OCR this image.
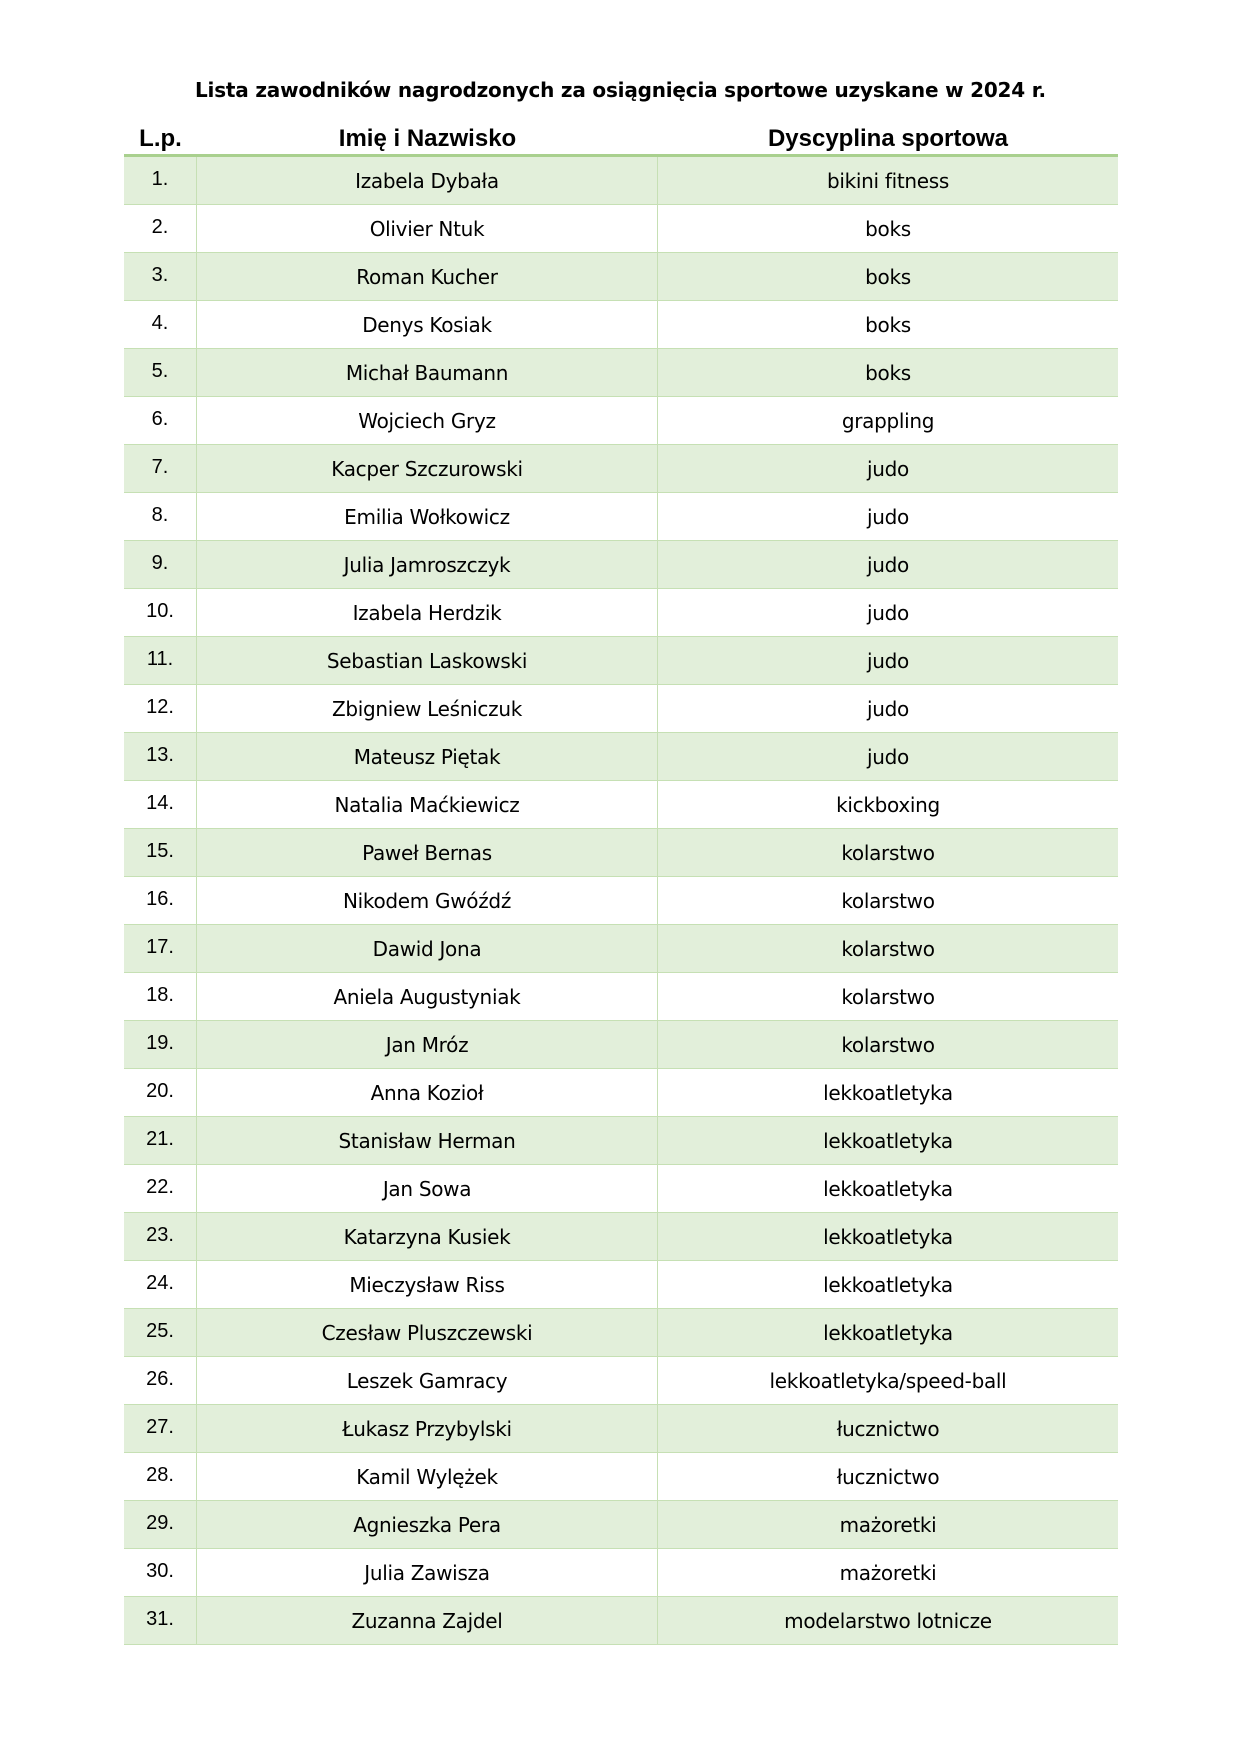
Lista zawodników nagrodzonych za osiągnięcia sportowe uzyskane w 2024 r.
L.p.	Imię i Nazwisko	Dyscyplina sportowa
1.	Izabela Dybała	bikini fitness
2.	Olivier Ntuk	boks
3.	Roman Kucher	boks
4.	Denys Kosiak	boks
5.	Michał Baumann	boks
6.	Wojciech Gryz	grappling
7.	Kacper Szczurowski	judo
8.	Emilia Wołkowicz	judo
9.	Julia Jamroszczyk	judo
10.	Izabela Herdzik	judo
11.	Sebastian Laskowski	judo
12.	Zbigniew Leśniczuk	judo
13.	Mateusz Piętak	judo
14.	Natalia Maćkiewicz	kickboxing
15.	Paweł Bernas	kolarstwo
16.	Nikodem Gwóźdź	kolarstwo
17.	Dawid Jona	kolarstwo
18.	Aniela Augustyniak	kolarstwo
19.	Jan Mróz	kolarstwo
20.	Anna Kozioł	lekkoatletyka
21.	Stanisław Herman	lekkoatletyka
22.	Jan Sowa	lekkoatletyka
23.	Katarzyna Kusiek	lekkoatletyka
24.	Mieczysław Riss	lekkoatletyka
25.	Czesław Pluszczewski	lekkoatletyka
26.	Leszek Gamracy	lekkoatletyka/speed-ball
27.	Łukasz Przybylski	łucznictwo
28.	Kamil Wylężek	łucznictwo
29.	Agnieszka Pera	mażoretki
30.	Julia Zawisza	mażoretki
31.	Zuzanna Zajdel	modelarstwo lotnicze
